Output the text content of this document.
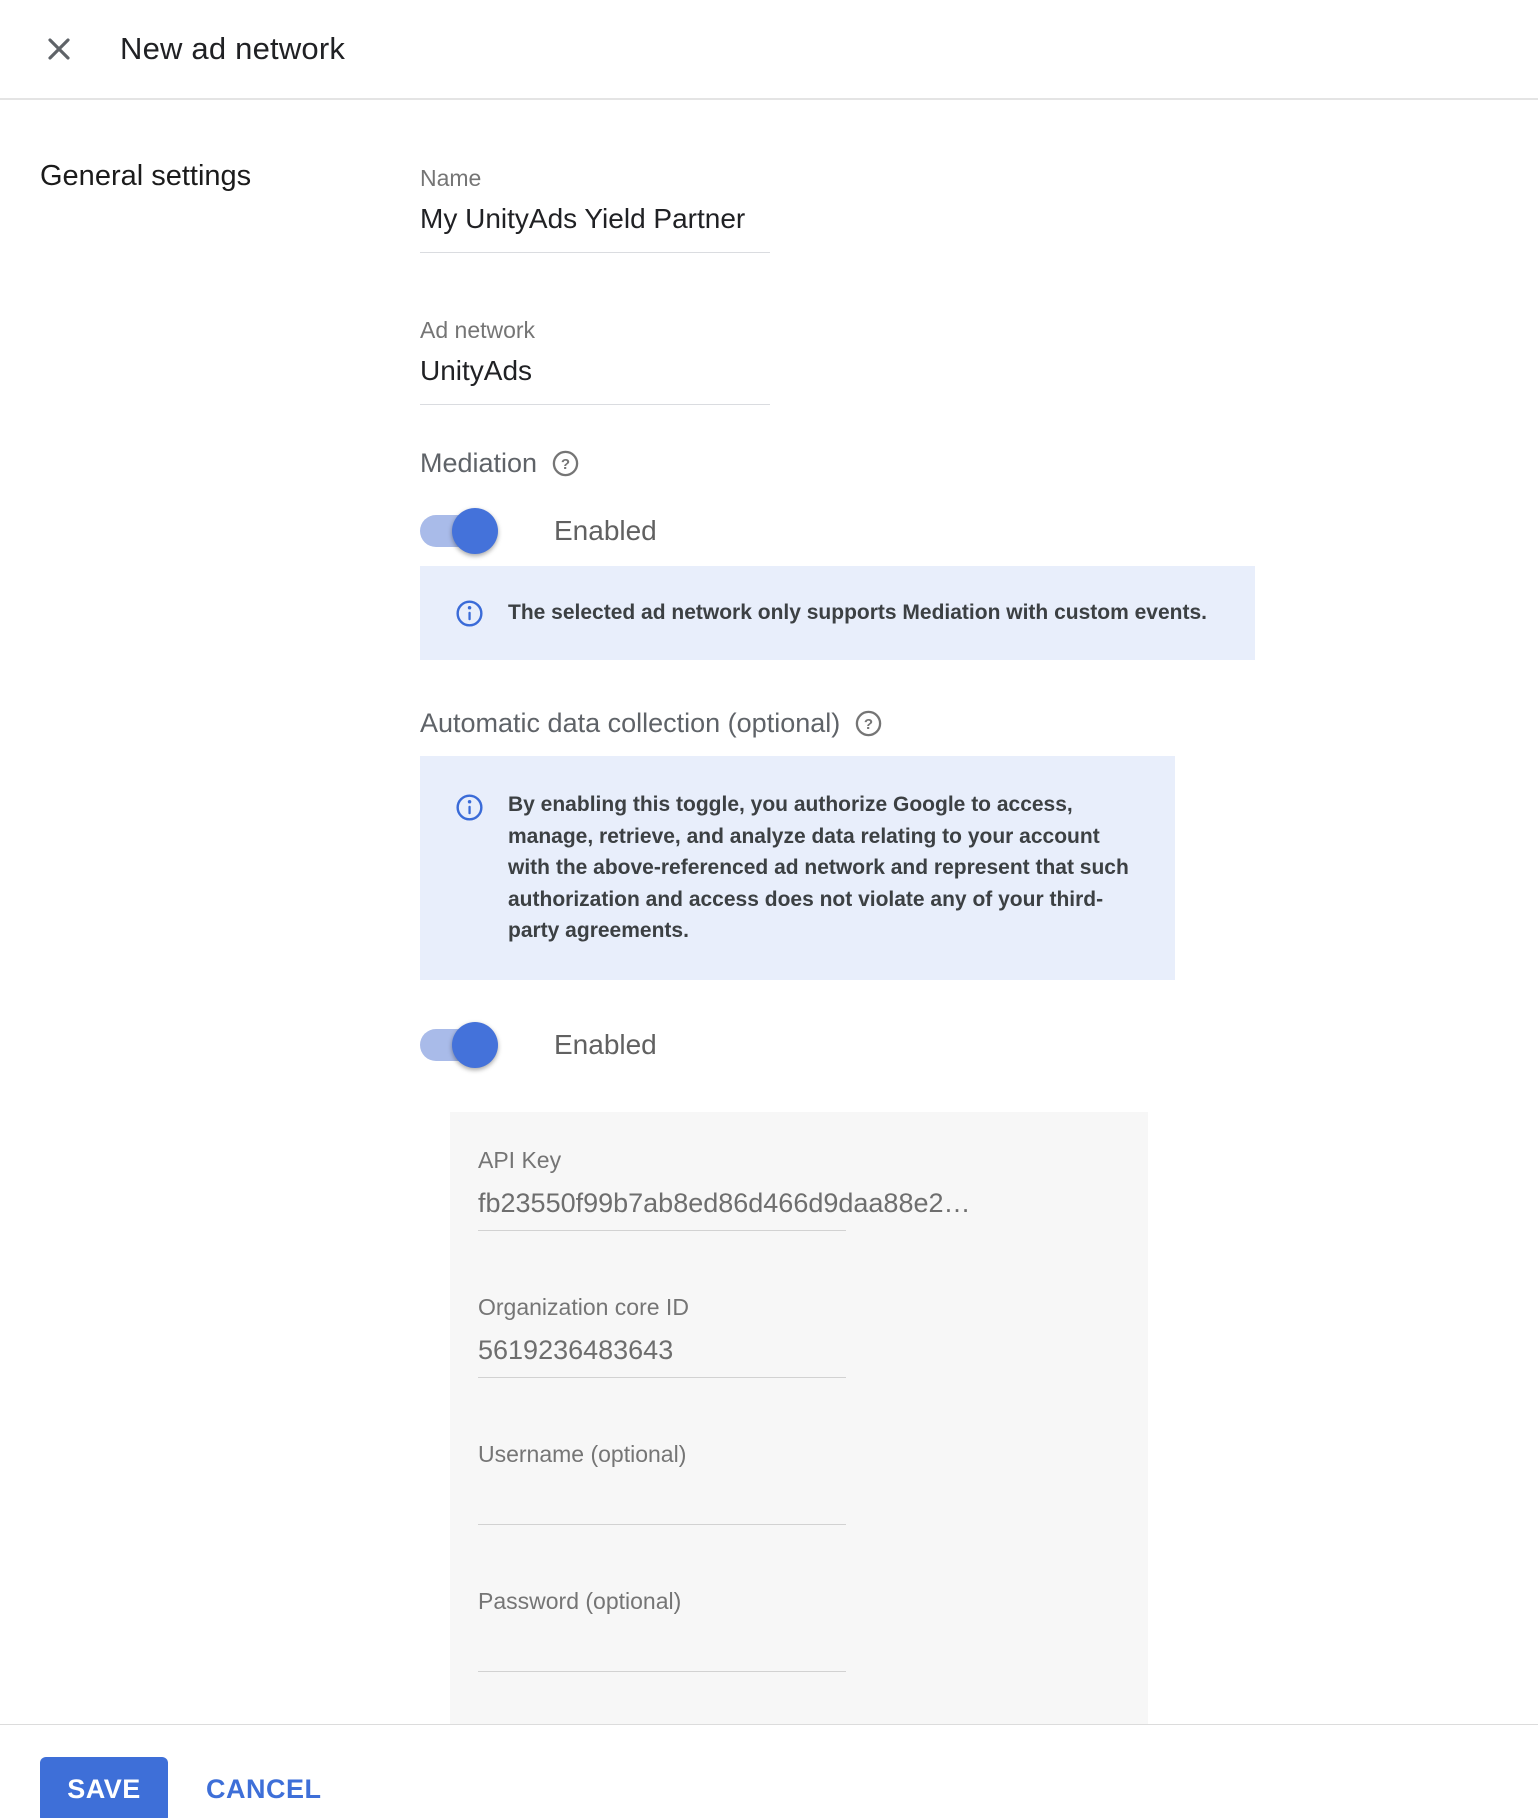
New ad network
General settings	Name
My UnityAds Yield Partner
Ad network
UnityAds
Mediation ?
Enabled
The selected ad network only supports Mediation with custom events.
Automatic data collection (optional) ?
By enabling this toggle, you authorize Google to access, manage, retrieve, and analyze data relating to your account with the above-referenced ad network and represent that such authorization and access does not violate any of your third-party agreements.
Enabled
API Key
fb23550f99b7ab8ed86d466d9daa88e2…
Organization core ID
5619236483643
Username (optional)
Password (optional)
SAVE	CANCEL
